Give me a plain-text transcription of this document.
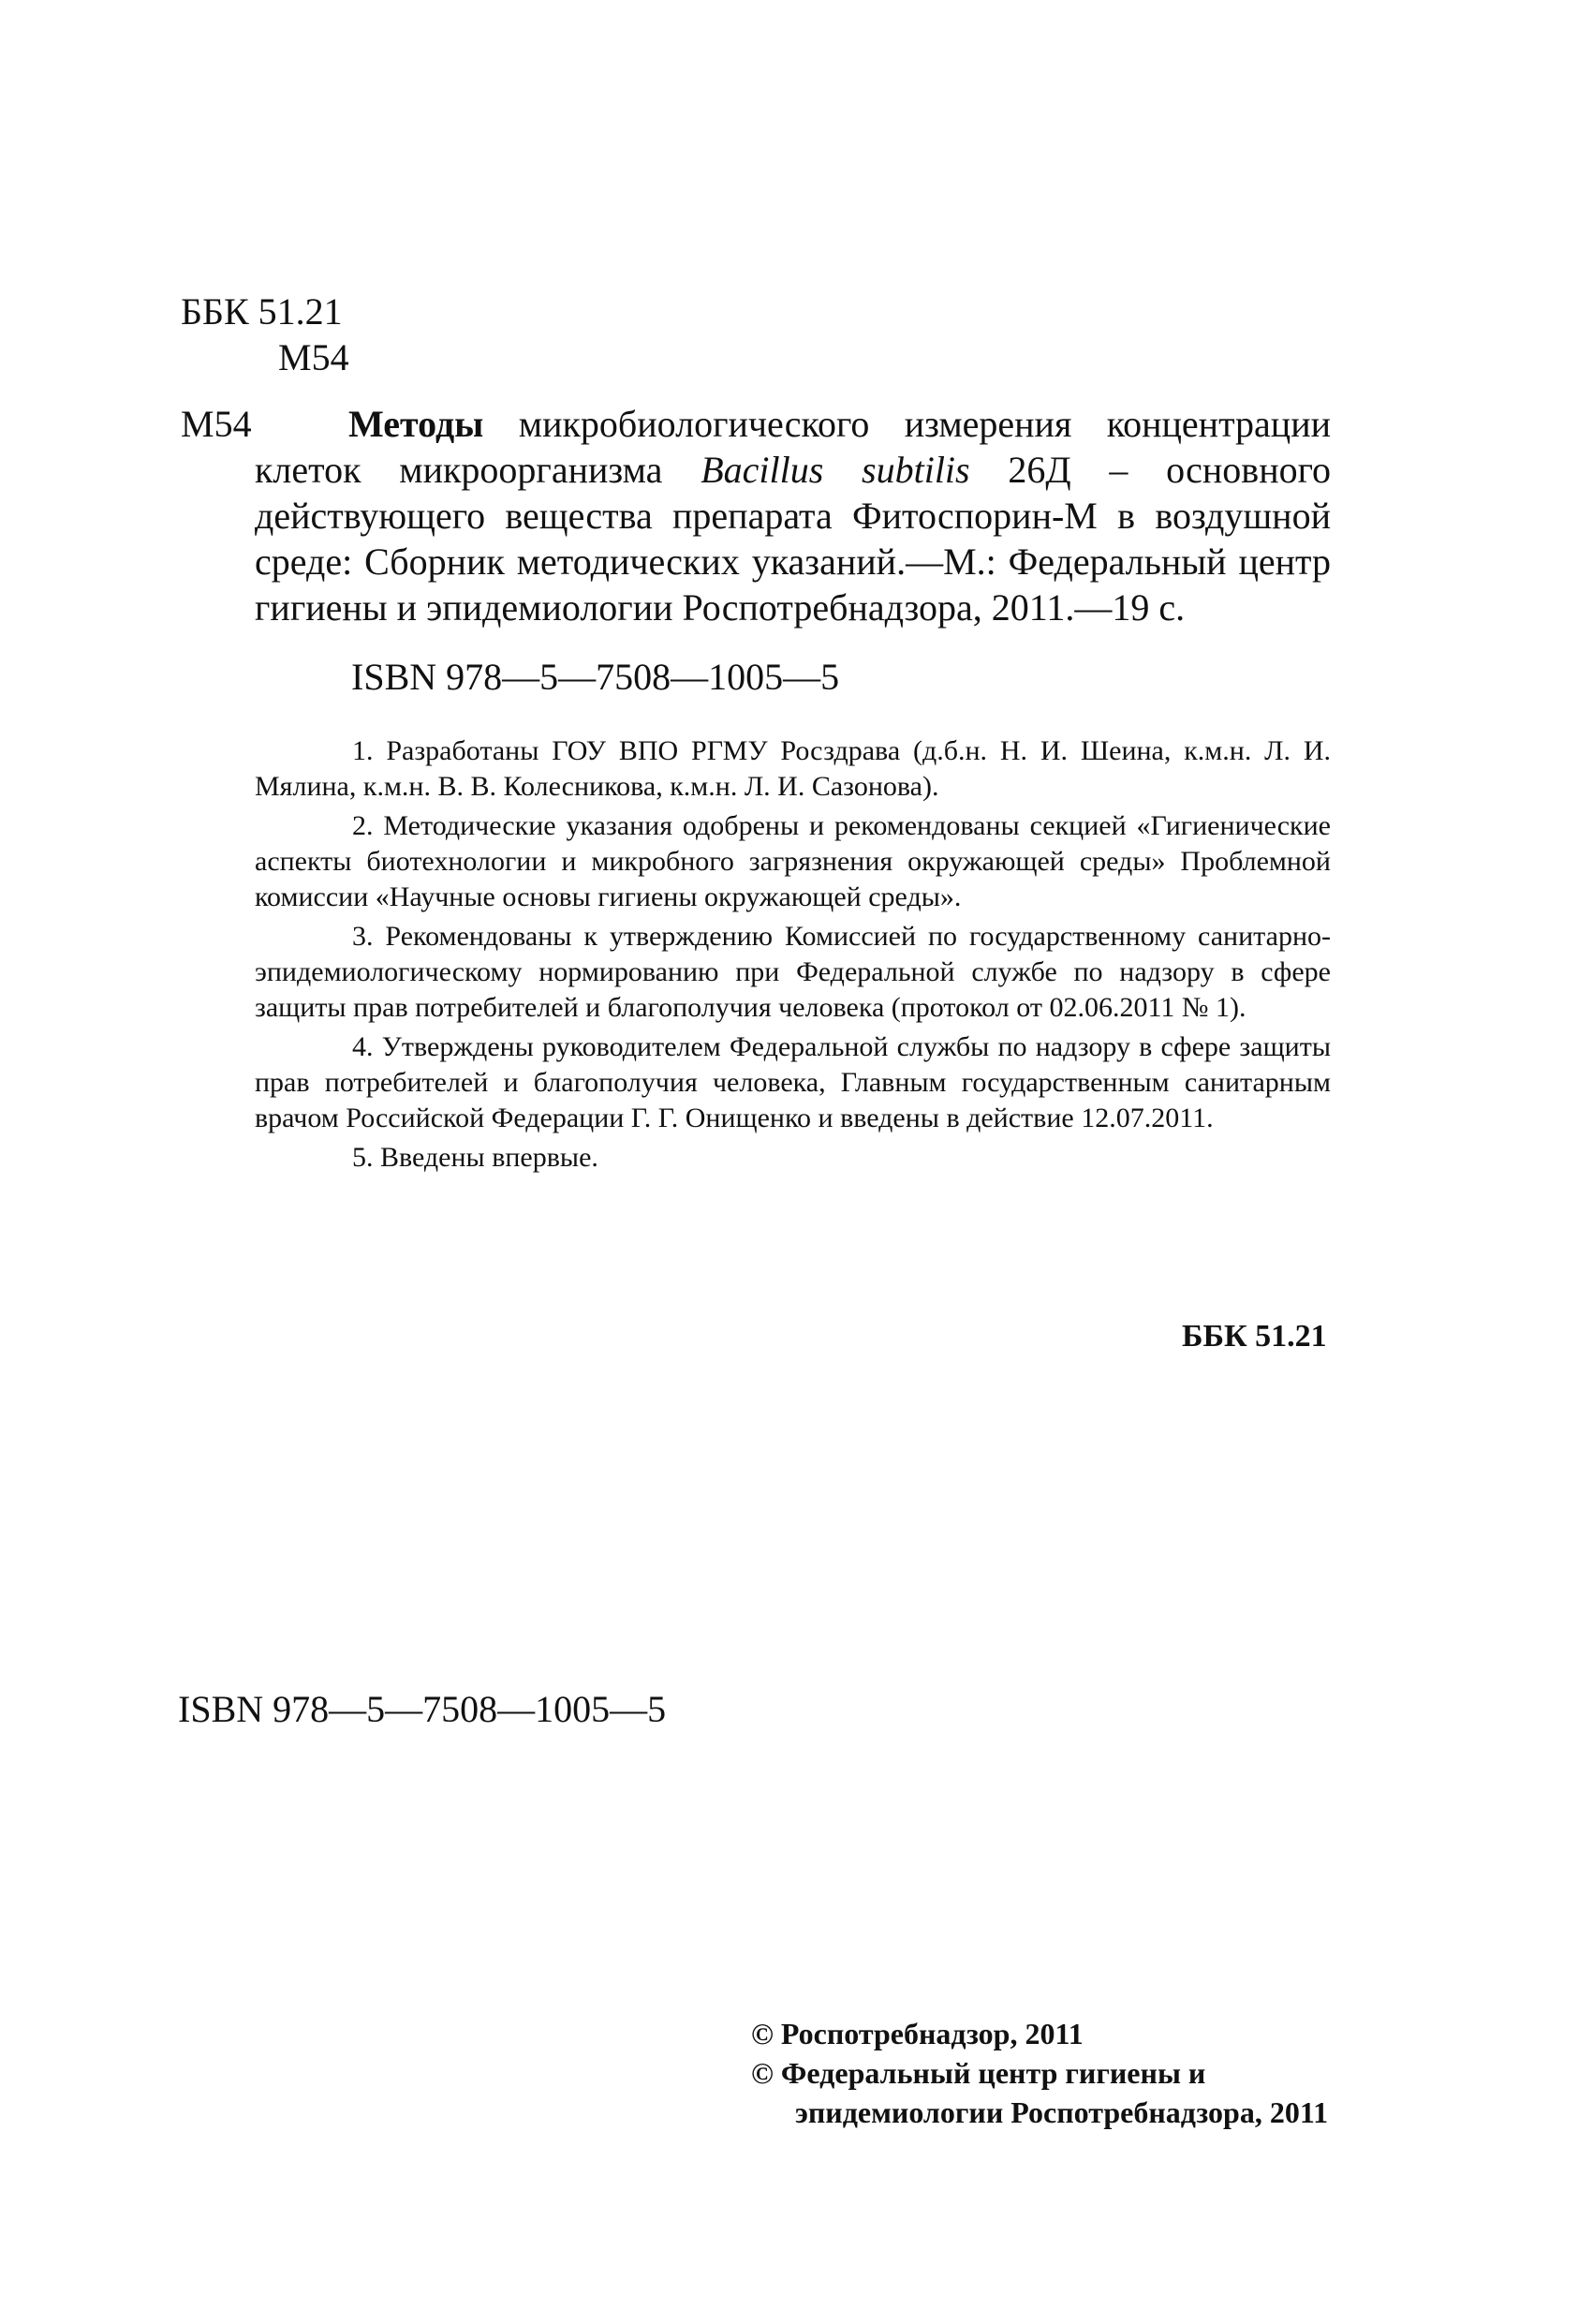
ББК 51.21
М54
М54	Методы микробиологического измерения концентрации клеток микроорганизма Bacillus subtilis 26Д – основного действующего вещества препарата Фитоспорин-М в воздушной среде: Сборник методических указаний.—М.: Федеральный центр гигиены и эпидемиологии Роспотребнадзора, 2011.—19 с.
ISBN 978—5—7508—1005—5

1. Разработаны ГОУ ВПО РГМУ Росздрава (д.б.н. Н. И. Шеина, к.м.н. Л. И. Мялина, к.м.н. В. В. Колесникова, к.м.н. Л. И. Сазонова).

2. Методические указания одобрены и рекомендованы секцией «Гигиенические аспекты биотехнологии и микробного загрязнения окружающей среды» Проблемной комиссии «Научные основы гигиены окружающей среды».

3. Рекомендованы к утверждению Комиссией по государственному санитарно-эпидемиологическому нормированию при Федеральной службе по надзору в сфере защиты прав потребителей и благополучия человека (протокол от 02.06.2011 № 1).

4. Утверждены руководителем Федеральной службы по надзору в сфере защиты прав потребителей и благополучия человека, Главным государственным санитарным врачом Российской Федерации Г. Г. Онищенко и введены в действие 12.07.2011.

5. Введены впервые.

ББК 51.21
ISBN 978—5—7508—1005—5
© Роспотребнадзор, 2011
© Федеральный центр гигиены и
эпидемиологии Роспотребнадзора, 2011
